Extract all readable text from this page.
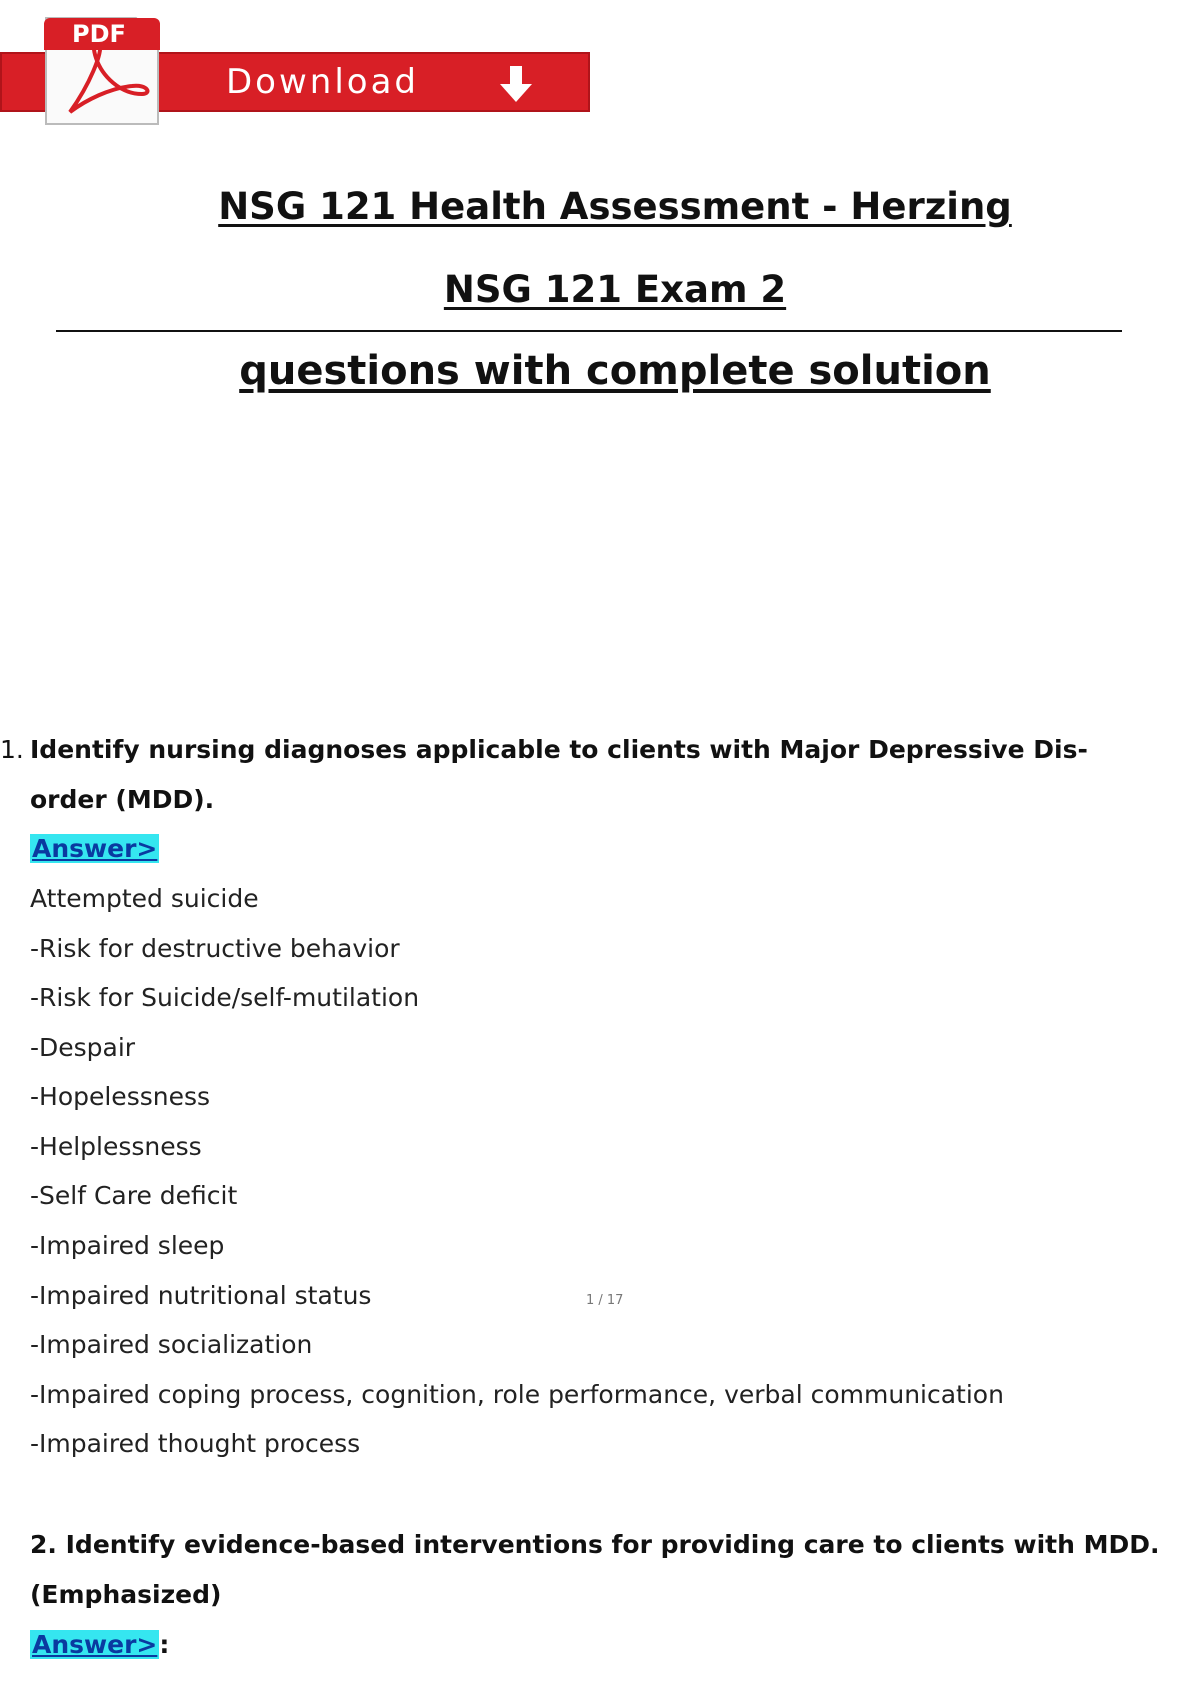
Download
PDF
NSG 121 Health Assessment - Herzing
NSG 121 Exam 2
questions with complete solution
1. Identify nursing diagnoses applicable to clients with Major Depressive Dis-
order (MDD).
Answer>
Attempted suicide
-Risk for destructive behavior
-Risk for Suicide/self-mutilation
-Despair
-Hopelessness
-Helplessness
-Self Care deficit
-Impaired sleep
-Impaired nutritional status
-Impaired socialization
-Impaired coping process, cognition, role performance, verbal communication
-Impaired thought process
1 / 17
2. Identify evidence-based interventions for providing care to clients with MDD.
(Emphasized)
Answer>:
